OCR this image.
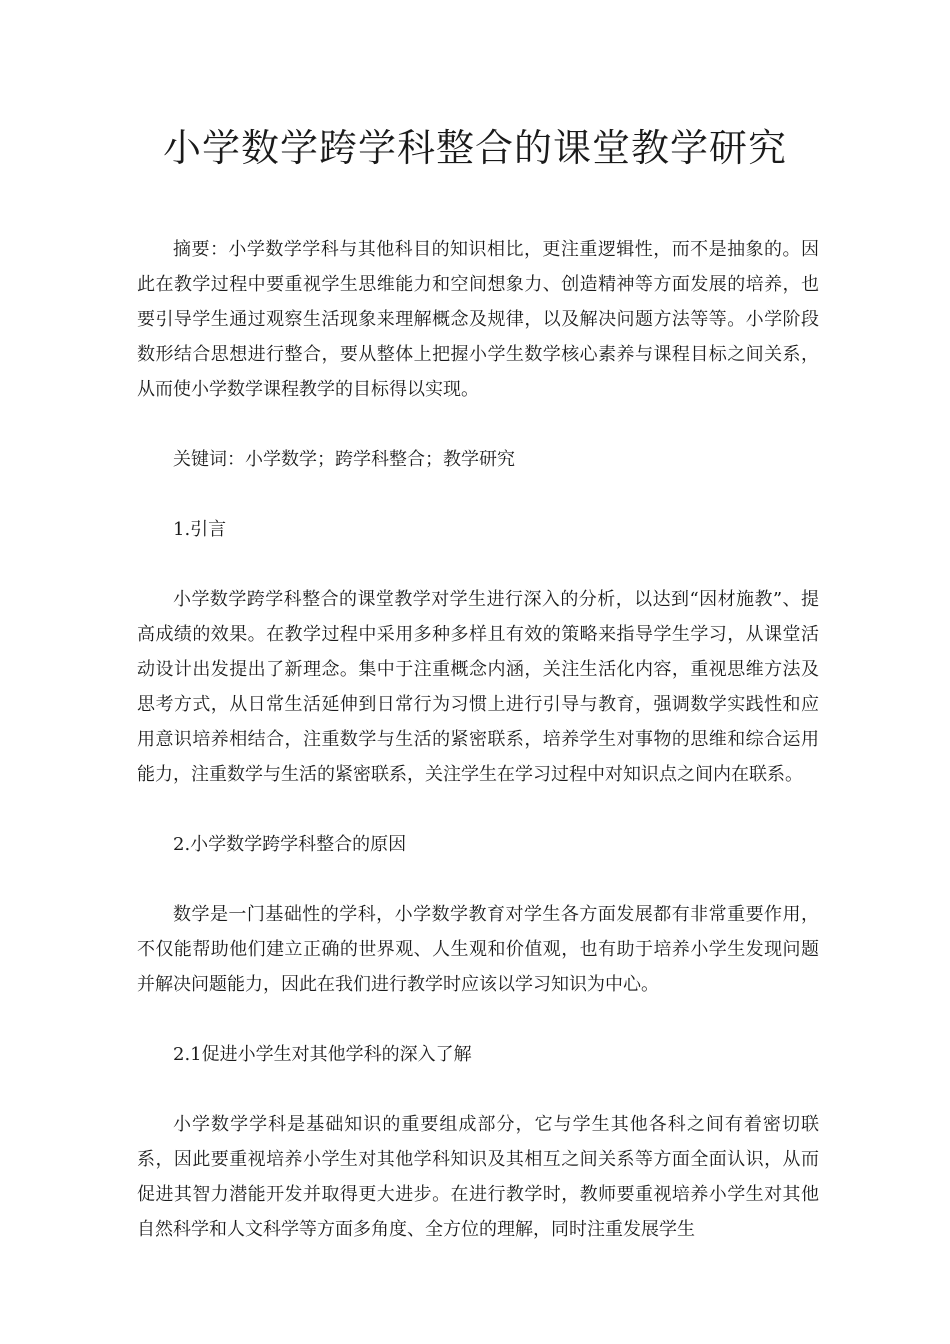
小学数学跨学科整合的课堂教学研究

摘要：小学数学学科与其他科目的知识相比，更注重逻辑性，而不是抽象的。因此在教学过程中要重视学生思维能力和空间想象力、创造精神等方面发展的培养，也要引导学生通过观察生活现象来理解概念及规律，以及解决问题方法等等。小学阶段数形结合思想进行整合，要从整体上把握小学生数学核心素养与课程目标之间关系，从而使小学数学课程教学的目标得以实现。

关键词：小学数学；跨学科整合；教学研究

1.引言

小学数学跨学科整合的课堂教学对学生进行深入的分析，以达到“因材施教”、提高成绩的效果。在教学过程中采用多种多样且有效的策略来指导学生学习，从课堂活动设计出发提出了新理念。集中于注重概念内涵，关注生活化内容，重视思维方法及思考方式，从日常生活延伸到日常行为习惯上进行引导与教育，强调数学实践性和应用意识培养相结合，注重数学与生活的紧密联系，培养学生对事物的思维和综合运用能力，注重数学与生活的紧密联系，关注学生在学习过程中对知识点之间内在联系。

2.小学数学跨学科整合的原因

数学是一门基础性的学科，小学数学教育对学生各方面发展都有非常重要作用，不仅能帮助他们建立正确的世界观、人生观和价值观，也有助于培养小学生发现问题并解决问题能力，因此在我们进行教学时应该以学习知识为中心。

2.1促进小学生对其他学科的深入了解

小学数学学科是基础知识的重要组成部分，它与学生其他各科之间有着密切联系，因此要重视培养小学生对其他学科知识及其相互之间关系等方面全面认识，从而促进其智力潜能开发并取得更大进步。在进行教学时，教师要重视培养小学生对其他自然科学和人文科学等方面多角度、全方位的理解，同时注重发展学生
